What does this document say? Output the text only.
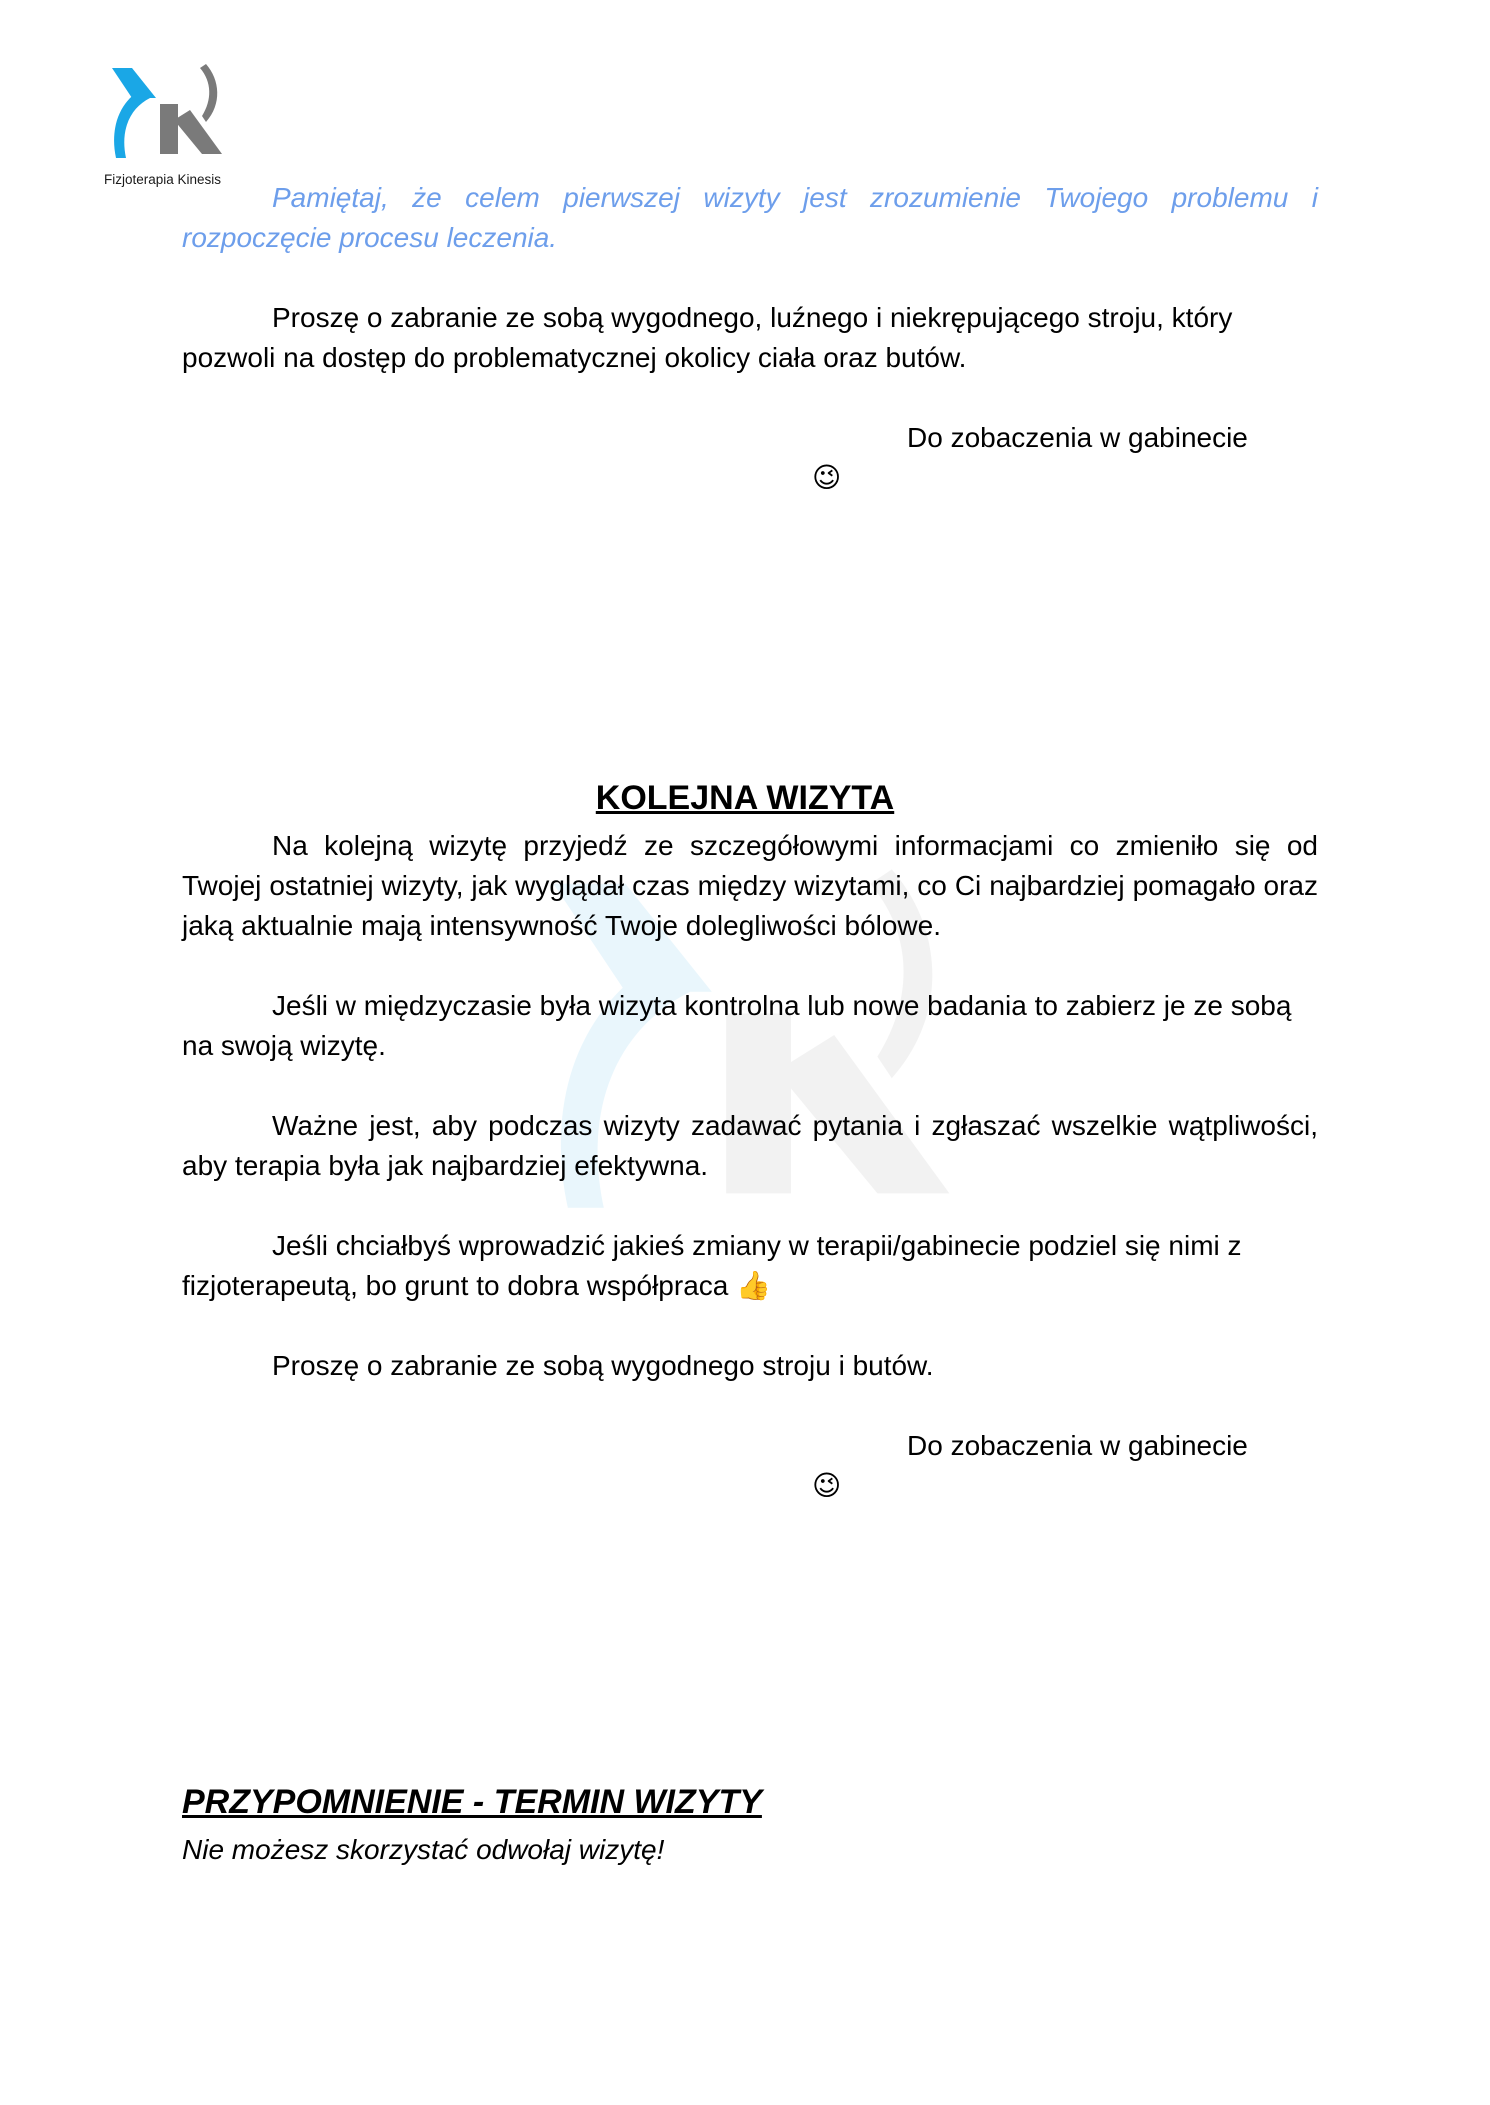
Fizjoterapia Kinesis

Pamiętaj, że celem pierwszej wizyty jest zrozumienie Twojego problemu i rozpoczęcie procesu leczenia.

Proszę o zabranie ze sobą wygodnego, luźnego i niekrępującego stroju, który pozwoli na dostęp do problematycznej okolicy ciała oraz butów.

Do zobaczenia w gabinecie
😉
KOLEJNA WIZYTA

Na kolejną wizytę przyjedź ze szczegółowymi informacjami co zmieniło się od Twojej ostatniej wizyty, jak wyglądał czas między wizytami, co Ci najbardziej pomagało oraz jaką aktualnie mają intensywność Twoje dolegliwości bólowe.

Jeśli w międzyczasie była wizyta kontrolna lub nowe badania to zabierz je ze sobą na swoją wizytę.

Ważne jest, aby podczas wizyty zadawać pytania i zgłaszać wszelkie wątpliwości, aby terapia była jak najbardziej efektywna.

Jeśli chciałbyś wprowadzić jakieś zmiany w terapii/gabinecie podziel się nimi z fizjoterapeutą, bo grunt to dobra współpraca 👍

Proszę o zabranie ze sobą wygodnego stroju i butów.

Do zobaczenia w gabinecie
😉
PRZYPOMNIENIE - TERMIN WIZYTY
Nie możesz skorzystać odwołaj wizytę!
